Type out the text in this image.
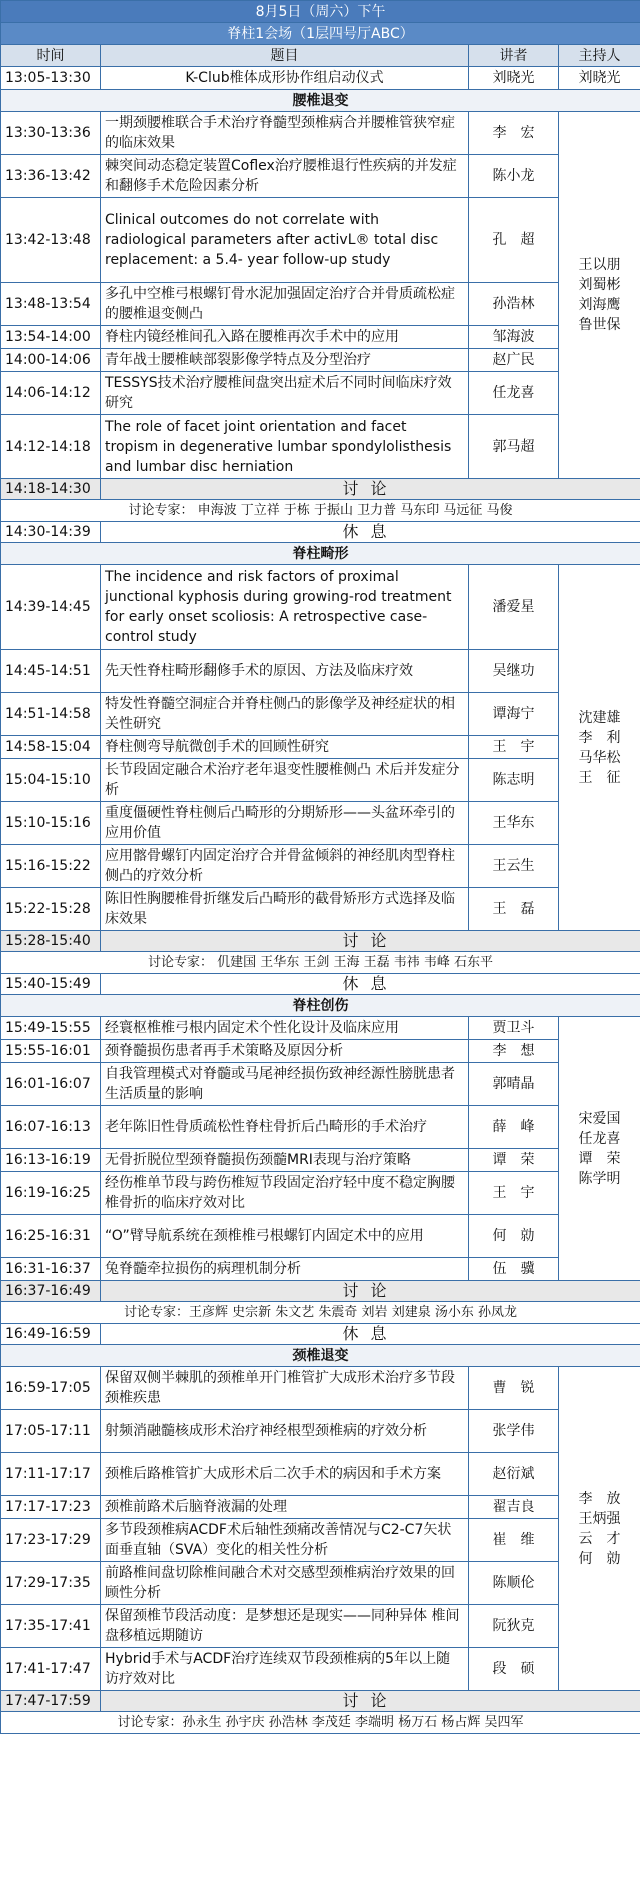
8月5日（周六）下午			
脊柱1会场（1层四号厅ABC）			
时间	题目	讲者	主持人
13:05-13:30	K-Club椎体成形协作组启动仪式	刘晓光	刘晓光
腰椎退变			
13:30-13:36	一期颈腰椎联合手术治疗脊髓型颈椎病合并腰椎管狭窄症的临床效果	李　宏	王以朋
刘蜀彬
刘海鹰
鲁世保

13:36-13:42	棘突间动态稳定装置Coflex治疗腰椎退行性疾病的并发症和翻修手术危险因素分析	陈小龙	
13:42-13:48	Clinical outcomes do not correlate with radiological parameters after activL® total disc replacement: a 5.4- year follow-up study	孔　超	
13:48-13:54	多孔中空椎弓根螺钉骨水泥加强固定治疗合并骨质疏松症的腰椎退变侧凸	孙浩林	
13:54-14:00	脊柱内镜经椎间孔入路在腰椎再次手术中的应用	邹海波	
14:00-14:06	青年战士腰椎峡部裂影像学特点及分型治疗	赵广民	
14:06-14:12	TESSYS技术治疗腰椎间盘突出症术后不同时间临床疗效研究	任龙喜	
14:12-14:18	The role of facet joint orientation and facet tropism in degenerative lumbar spondylolisthesis and lumbar disc herniation	郭马超	
14:18-14:30	讨论		
讨论专家： 申海波 丁立祥 于栋 于振山 卫力普 马东印 马远征 马俊			
14:30-14:39	休息		
脊柱畸形			
14:39-14:45	The incidence and risk factors of proximal junctional kyphosis during growing-rod treatment for early onset scoliosis: A retrospective case-control study	潘爱星	沈建雄
李　利
马华松
王　征

14:45-14:51	先天性脊柱畸形翻修手术的原因、方法及临床疗效	吴继功	
14:51-14:58	特发性脊髓空洞症合并脊柱侧凸的影像学及神经症状的相关性研究	谭海宁	
14:58-15:04	脊柱侧弯导航微创手术的回顾性研究	王　宇	
15:04-15:10	长节段固定融合术治疗老年退变性腰椎侧凸 术后并发症分析	陈志明	
15:10-15:16	重度僵硬性脊柱侧后凸畸形的分期矫形——头盆环牵引的应用价值	王华东	
15:16-15:22	应用髂骨螺钉内固定治疗合并骨盆倾斜的神经肌肉型脊柱侧凸的疗效分析	王云生	
15:22-15:28	陈旧性胸腰椎骨折继发后凸畸形的截骨矫形方式选择及临床效果	王　磊	
15:28-15:40	讨论		
讨论专家： 仉建国 王华东 王剑 王海 王磊 韦祎 韦峰 石东平			
15:40-15:49	休息		
脊柱创伤			
15:49-15:55	经寰枢椎椎弓根内固定术个性化设计及临床应用	贾卫斗	宋爱国
任龙喜
谭　荣
陈学明

15:55-16:01	颈脊髓损伤患者再手术策略及原因分析	李　想	
16:01-16:07	自我管理模式对脊髓或马尾神经损伤致神经源性膀胱患者生活质量的影响	郭晴晶	
16:07-16:13	老年陈旧性骨质疏松性脊柱骨折后凸畸形的手术治疗	薛　峰	
16:13-16:19	无骨折脱位型颈脊髓损伤颈髓MRI表现与治疗策略	谭　荣	
16:19-16:25	经伤椎单节段与跨伤椎短节段固定治疗轻中度不稳定胸腰椎骨折的临床疗效对比	王　宇	
16:25-16:31	“O”臂导航系统在颈椎椎弓根螺钉内固定术中的应用	何　勍	
16:31-16:37	兔脊髓牵拉损伤的病理机制分析	伍　骥	
16:37-16:49	讨论		
讨论专家：王彦辉 史宗新 朱文艺 朱震奇 刘岩 刘建泉 汤小东 孙凤龙			
16:49-16:59	休息		
颈椎退变			
16:59-17:05	保留双侧半棘肌的颈椎单开门椎管扩大成形术治疗多节段颈椎疾患	曹　锐	李　放
王炳强
云　才
何　勍

17:05-17:11	射频消融髓核成形术治疗神经根型颈椎病的疗效分析	张学伟	
17:11-17:17	颈椎后路椎管扩大成形术后二次手术的病因和手术方案	赵衍斌	
17:17-17:23	颈椎前路术后脑脊液漏的处理	翟吉良	
17:23-17:29	多节段颈椎病ACDF术后轴性颈痛改善情况与C2-C7矢状面垂直轴（SVA）变化的相关性分析	崔　维	
17:29-17:35	前路椎间盘切除椎间融合术对交感型颈椎病治疗效果的回顾性分析	陈顺伦	
17:35-17:41	保留颈椎节段活动度：是梦想还是现实——同种异体 椎间盘移植远期随访	阮狄克	
17:41-17:47	Hybrid手术与ACDF治疗连续双节段颈椎病的5年以上随访疗效对比	段　硕	
17:47-17:59	讨论		
讨论专家：孙永生 孙宇庆 孙浩林 李茂廷 李端明 杨万石 杨占辉 吴四军			
